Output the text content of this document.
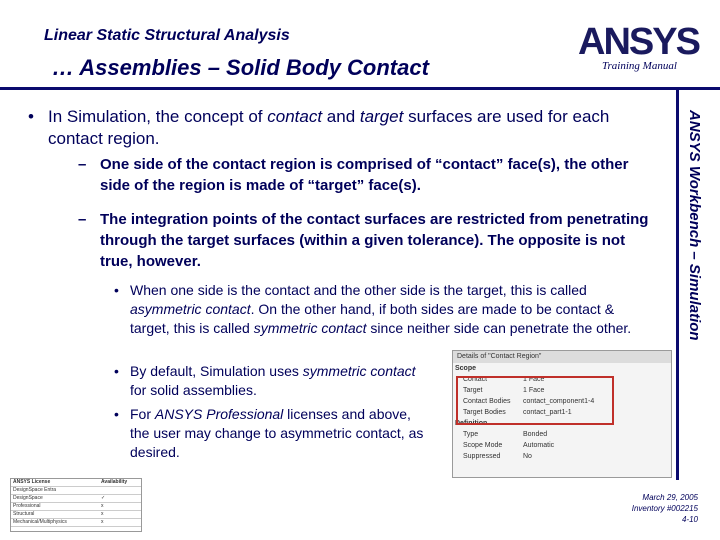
Linear Static Structural Analysis
… Assemblies – Solid Body Contact
ANSYS
Training Manual
ANSYS Workbench – Simulation
• In Simulation, the concept of contact and target surfaces are used for each contact region.
– One side of the contact region is comprised of “contact” face(s), the other side of the region is made of “target” face(s).
– The integration points of the contact surfaces are restricted from penetrating through the target surfaces (within a given tolerance). The opposite is not true, however.
• When one side is the contact and the other side is the target, this is called asymmetric contact. On the other hand, if both sides are made to be contact & target, this is called symmetric contact since neither side can penetrate the other.
• By default, Simulation uses symmetric contact for solid assemblies.
• For ANSYS Professional licenses and above, the user may change to asymmetric contact, as desired.
Details of "Contact Region"
Scope
Contact	1 Face
Target	1 Face
Contact Bodies contact_component1-4
Target Bodies contact_part1-1
Definition
Type	Bonded
Scope Mode	Automatic
Suppressed	No
ANSYS License	Availability
DesignSpace Entra
DesignSpace	✓
Professional	x
Structural	x
Mechanical/Multiphysics	x
March 29, 2005
Inventory #002215
4-10
